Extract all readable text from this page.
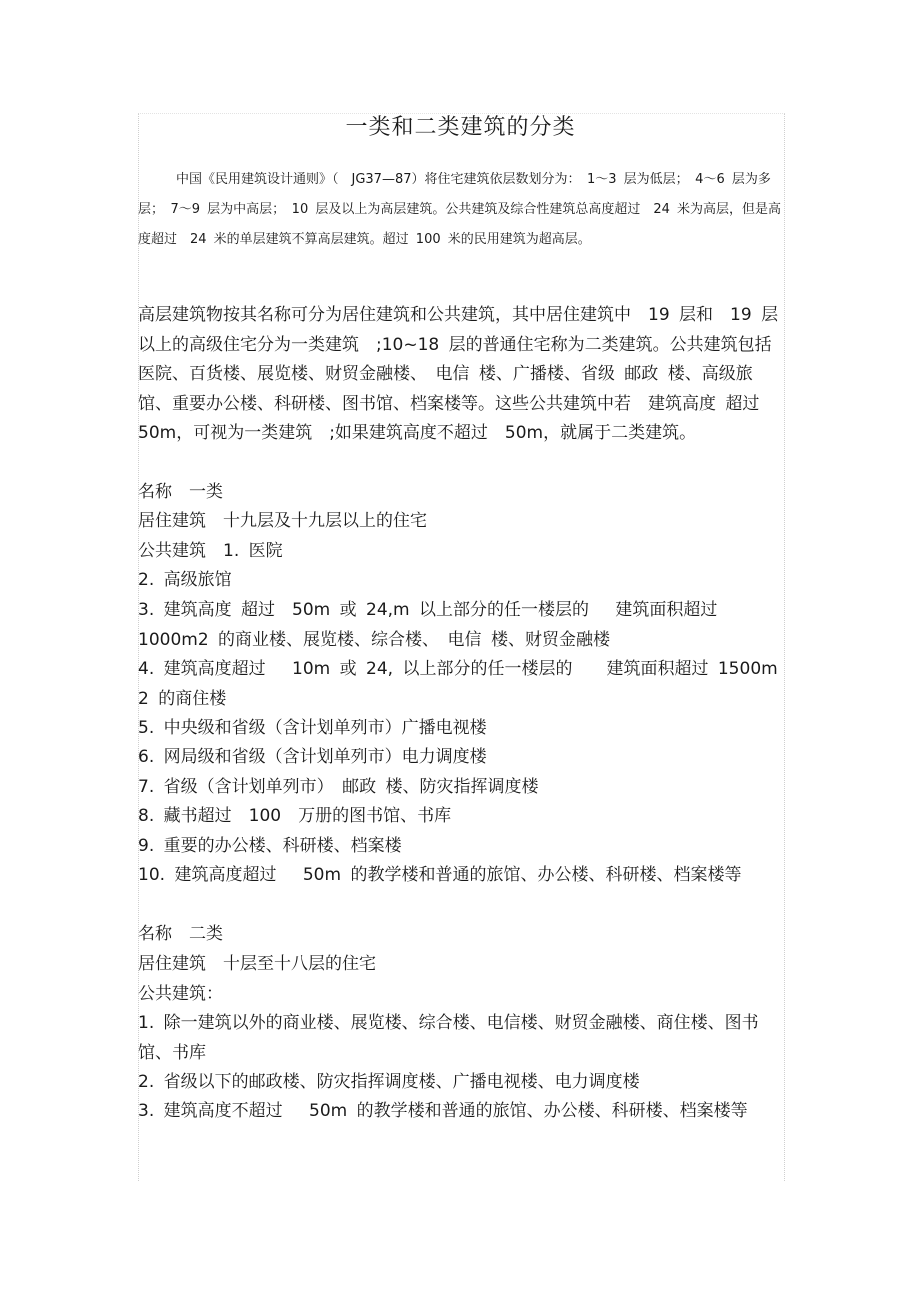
一类和二类建筑的分类

中国《民用建筑设计通则》（　JG37—87）将住宅建筑依层数划分为：　1～3 层为低层；　4～6 层为多层；　7～9 层为中高层；　10 层及以上为高层建筑。公共建筑及综合性建筑总高度超过　24 米为高层，但是高度超过　24 米的单层建筑不算高层建筑。超过 100 米的民用建筑为超高层。

高层建筑物按其名称可分为居住建筑和公共建筑，其中居住建筑中　19 层和　19 层以上的高级住宅分为一类建筑　;10~18 层的普通住宅称为二类建筑。公共建筑包括医院、百货楼、展览楼、财贸金融楼、　电信 楼、广播楼、省级 邮政 楼、高级旅馆、重要办公楼、科研楼、图书馆、档案楼等。这些公共建筑中若　建筑高度 超过　50m，可视为一类建筑　;如果建筑高度不超过　50m，就属于二类建筑。

名称　一类
居住建筑　十九层及十九层以上的住宅
公共建筑　1. 医院
2. 高级旅馆
3. 建筑高度 超过　50m 或 24,m 以上部分的任一楼层的　 建筑面积超过 1000m2 的商业楼、展览楼、综合楼、　电信 楼、财贸金融楼
4. 建筑高度超过　 10m 或 24, 以上部分的任一楼层的　　建筑面积超过 1500m 2 的商住楼
5. 中央级和省级（含计划单列市）广播电视楼
6. 网局级和省级（含计划单列市）电力调度楼
7. 省级（含计划单列市）　邮政 楼、防灾指挥调度楼
8. 藏书超过　100　万册的图书馆、书库
9. 重要的办公楼、科研楼、档案楼
10. 建筑高度超过　 50m 的教学楼和普通的旅馆、办公楼、科研楼、档案楼等
名称　二类
居住建筑　十层至十八层的住宅
公共建筑：
1. 除一建筑以外的商业楼、展览楼、综合楼、电信楼、财贸金融楼、商住楼、图书馆、书库
2. 省级以下的邮政楼、防灾指挥调度楼、广播电视楼、电力调度楼
3. 建筑高度不超过　 50m 的教学楼和普通的旅馆、办公楼、科研楼、档案楼等
